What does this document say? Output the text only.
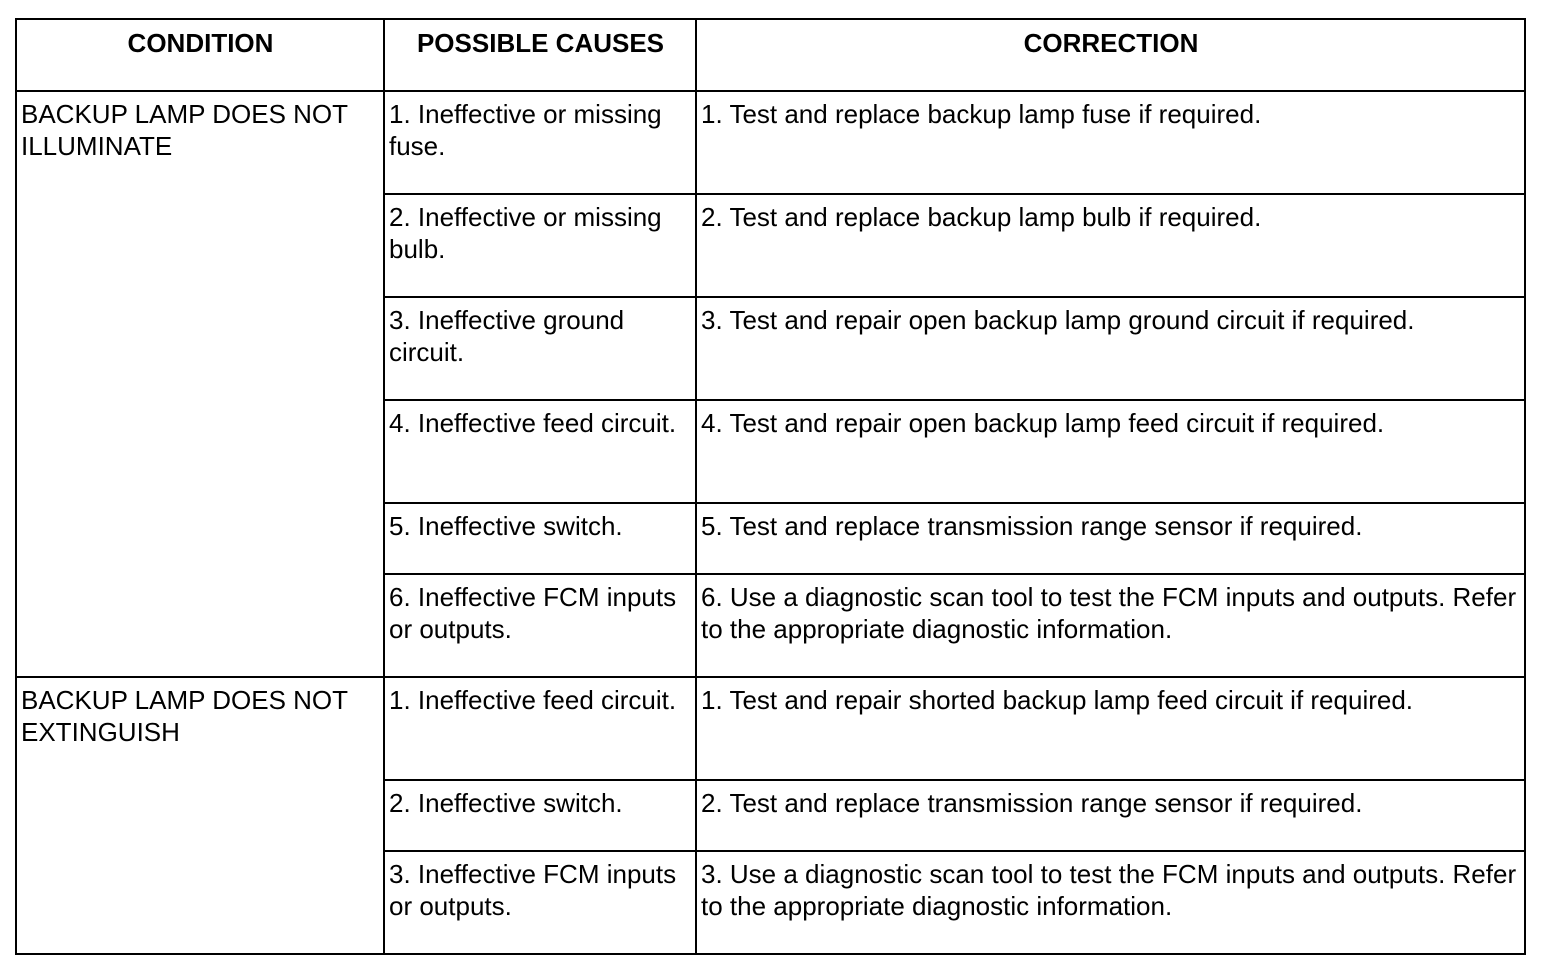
CONDITION	POSSIBLE CAUSES	CORRECTION
BACKUP LAMP DOES NOT ILLUMINATE	1. Ineffective or missing fuse.	1. Test and replace backup lamp fuse if required.
	2. Ineffective or missing bulb.	2. Test and replace backup lamp bulb if required.
	3. Ineffective ground circuit.	3. Test and repair open backup lamp ground circuit if required.
	4. Ineffective feed circuit.	4. Test and repair open backup lamp feed circuit if required.
	5. Ineffective switch.	5. Test and replace transmission range sensor if required.
	6. Ineffective FCM inputs or outputs.	6. Use a diagnostic scan tool to test the FCM inputs and outputs. Refer to the appropriate diagnostic information.
BACKUP LAMP DOES NOT EXTINGUISH	1. Ineffective feed circuit.	1. Test and repair shorted backup lamp feed circuit if required.
	2. Ineffective switch.	2. Test and replace transmission range sensor if required.
	3. Ineffective FCM inputs or outputs.	3. Use a diagnostic scan tool to test the FCM inputs and outputs. Refer to the appropriate diagnostic information.
